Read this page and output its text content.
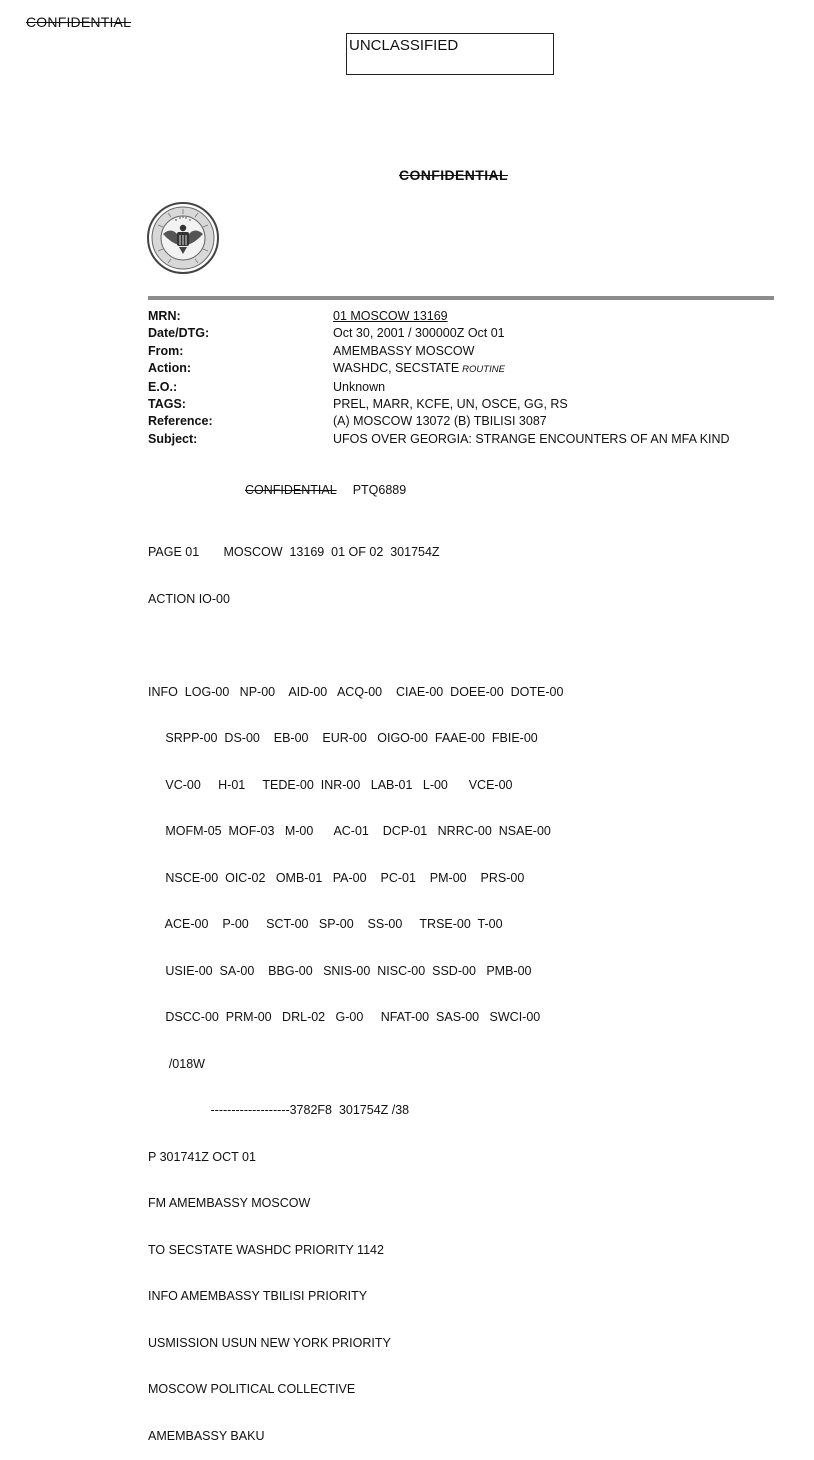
CONFIDENTIAL
UNCLASSIFIED
CONFIDENTIAL
MRN:	01 MOSCOW 13169
Date/DTG:	Oct 30, 2001 / 300000Z Oct 01
From:	AMEMBASSY MOSCOW
Action:	WASHDC, SECSTATE ROUTINE
E.O.:	Unknown
TAGS:	PREL, MARR, KCFE, UN, OSCE, GG, RS
Reference:	(A) MOSCOW 13072 (B) TBILISI 3087
Subject:	UFOS OVER GEORGIA: STRANGE ENCOUNTERS OF AN MFA KIND
CONFIDENTIAL PTQ6889

PAGE 01       MOSCOW  13169  01 OF 02  301754Z

ACTION IO-00

INFO  LOG-00   NP-00    AID-00   ACQ-00    CIAE-00  DOEE-00  DOTE-00

SRPP-00  DS-00    EB-00    EUR-00   OIGO-00  FAAE-00  FBIE-00

VC-00     H-01     TEDE-00  INR-00   LAB-01   L-00      VCE-00

MOFM-05  MOF-03   M-00      AC-01    DCP-01   NRRC-00  NSAE-00

NSCE-00  OIC-02   OMB-01   PA-00    PC-01    PM-00    PRS-00

ACE-00    P-00     SCT-00   SP-00    SS-00     TRSE-00  T-00

USIE-00  SA-00    BBG-00   SNIS-00  NISC-00  SSD-00   PMB-00

DSCC-00  PRM-00   DRL-02   G-00     NFAT-00  SAS-00   SWCI-00

/018W

-------------------3782F8  301754Z /38

P 301741Z OCT 01

FM AMEMBASSY MOSCOW

TO SECSTATE WASHDC PRIORITY 1142

INFO AMEMBASSY TBILISI PRIORITY

USMISSION USUN NEW YORK PRIORITY

MOSCOW POLITICAL COLLECTIVE

AMEMBASSY BAKU
